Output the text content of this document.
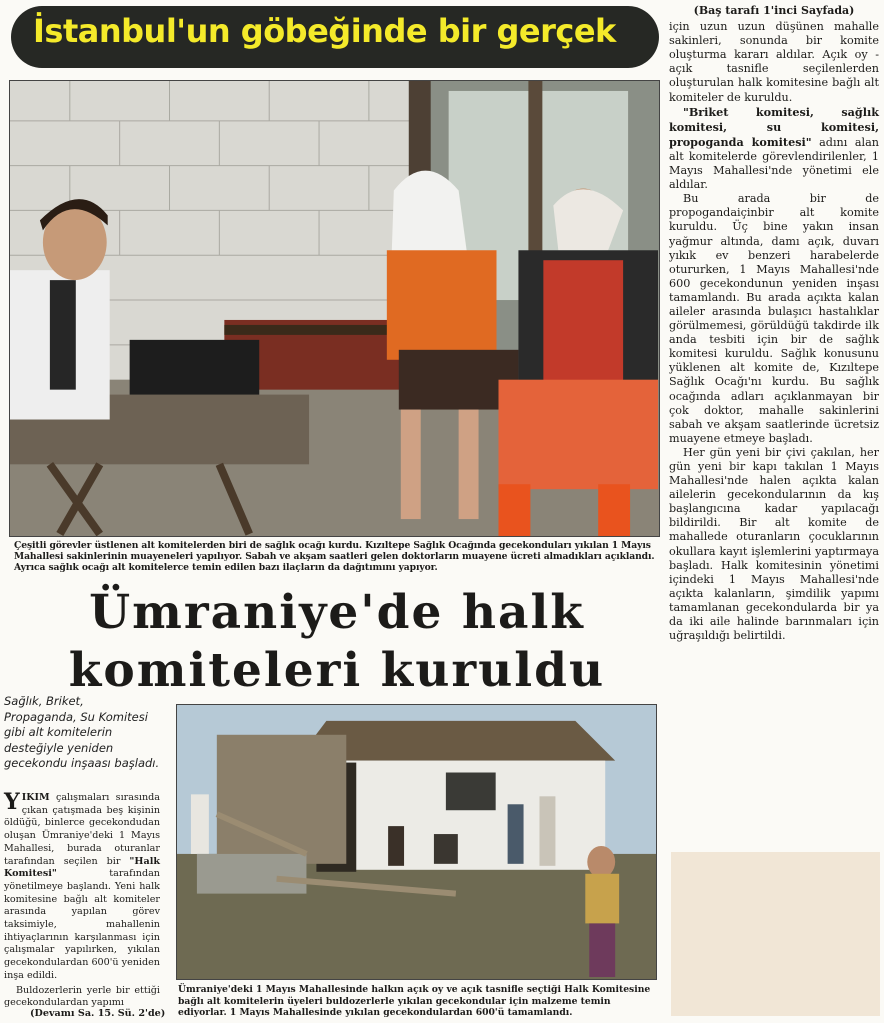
İstanbul'un göbeğinde bir gerçek
Çeşitli görevler üstlenen alt komitelerden biri de sağlık ocağı kurdu. Kızıltepe Sağlık Ocağında gecekonduları yıkılan 1 Mayıs Mahallesi sakinlerinin muayeneleri yapılıyor. Sabah ve akşam saatleri gelen doktorların muayene ücreti almadıkları açıklandı. Ayrıca sağlık ocağı alt komitelerce temin edilen bazı ilaçların da dağıtımını yapıyor.
Ümraniye'de halk
komiteleri kuruldu
Sağlık, Briket, Propaganda, Su Komitesi gibi alt komitelerin desteğiyle yeniden gecekondu inşaası başladı.
YIKIM çalışmaları sırasında çıkan çatışmada beş kişinin öldüğü, binlerce gecekondudan oluşan Ümraniye'deki 1 Mayıs Mahallesi, burada oturanlar tarafından seçilen bir "Halk Komitesi" tarafından yönetilmeye başlandı. Yeni halk komitesine bağlı alt komiteler arasında yapılan görev taksimiyle, mahallenin ihtiyaçlarının karşılanması için çalışmalar yapılırken, yıkılan gecekondulardan 600'ü yeniden inşa edildi.

Buldozerlerin yerle bir ettiği gecekondulardan yapımı

(Devamı Sa. 15. Sü. 2'de)
Ümraniye'deki 1 Mayıs Mahallesinde halkın açık oy ve açık tasnifle seçtiği Halk Komitesine bağlı alt komitelerin üyeleri buldozerlerle yıkılan gecekondular için malzeme temin ediyorlar. 1 Mayıs Mahallesinde yıkılan gecekondulardan 600'ü tamamlandı.
(Baş tarafı 1'inci Sayfada)

için uzun uzun düşünen mahalle sakinleri, sonunda bir komite oluşturma kararı aldılar. Açık oy - açık tasnifle seçilenlerden oluşturulan halk komitesine bağlı alt komiteler de kuruldu.

"Briket komitesi, sağlık komitesi, su komitesi, propoganda komitesi" adını alan alt komitelerde görevlendirilenler, 1 Mayıs Mahallesi'nde yönetimi ele aldılar.

Bu arada bir de propogandaiçinbir alt komite kuruldu. Üç bine yakın insan yağmur altında, damı açık, duvarı yıkık ev benzeri harabelerde otururken, 1 Mayıs Mahallesi'nde 600 gecekondunun yeniden inşası tamamlandı. Bu arada açıkta kalan aileler arasında bulaşıcı hastalıklar görülmemesi, görüldüğü takdirde ilk anda tesbiti için bir de sağlık komitesi kuruldu. Sağlık konusunu yüklenen alt komite de, Kızıltepe Sağlık Ocağı'nı kurdu. Bu sağlık ocağında adları açıklanmayan bir çok doktor, mahalle sakinlerini sabah ve akşam saatlerinde ücretsiz muayene etmeye başladı.

Her gün yeni bir çivi çakılan, her gün yeni bir kapı takılan 1 Mayıs Mahallesi'nde halen açıkta kalan ailelerin gecekondularının da kış başlangıcına kadar yapılacağı bildirildi. Bir alt komite de mahallede oturanların çocuklarının okullara kayıt işlemlerini yaptırmaya başladı. Halk komitesinin yönetimi içindeki 1 Mayıs Mahallesi'nde açıkta kalanların, şimdilik yapımı tamamlanan gecekondularda bir ya da iki aile halinde barınmaları için uğraşıldığı belirtildi.
